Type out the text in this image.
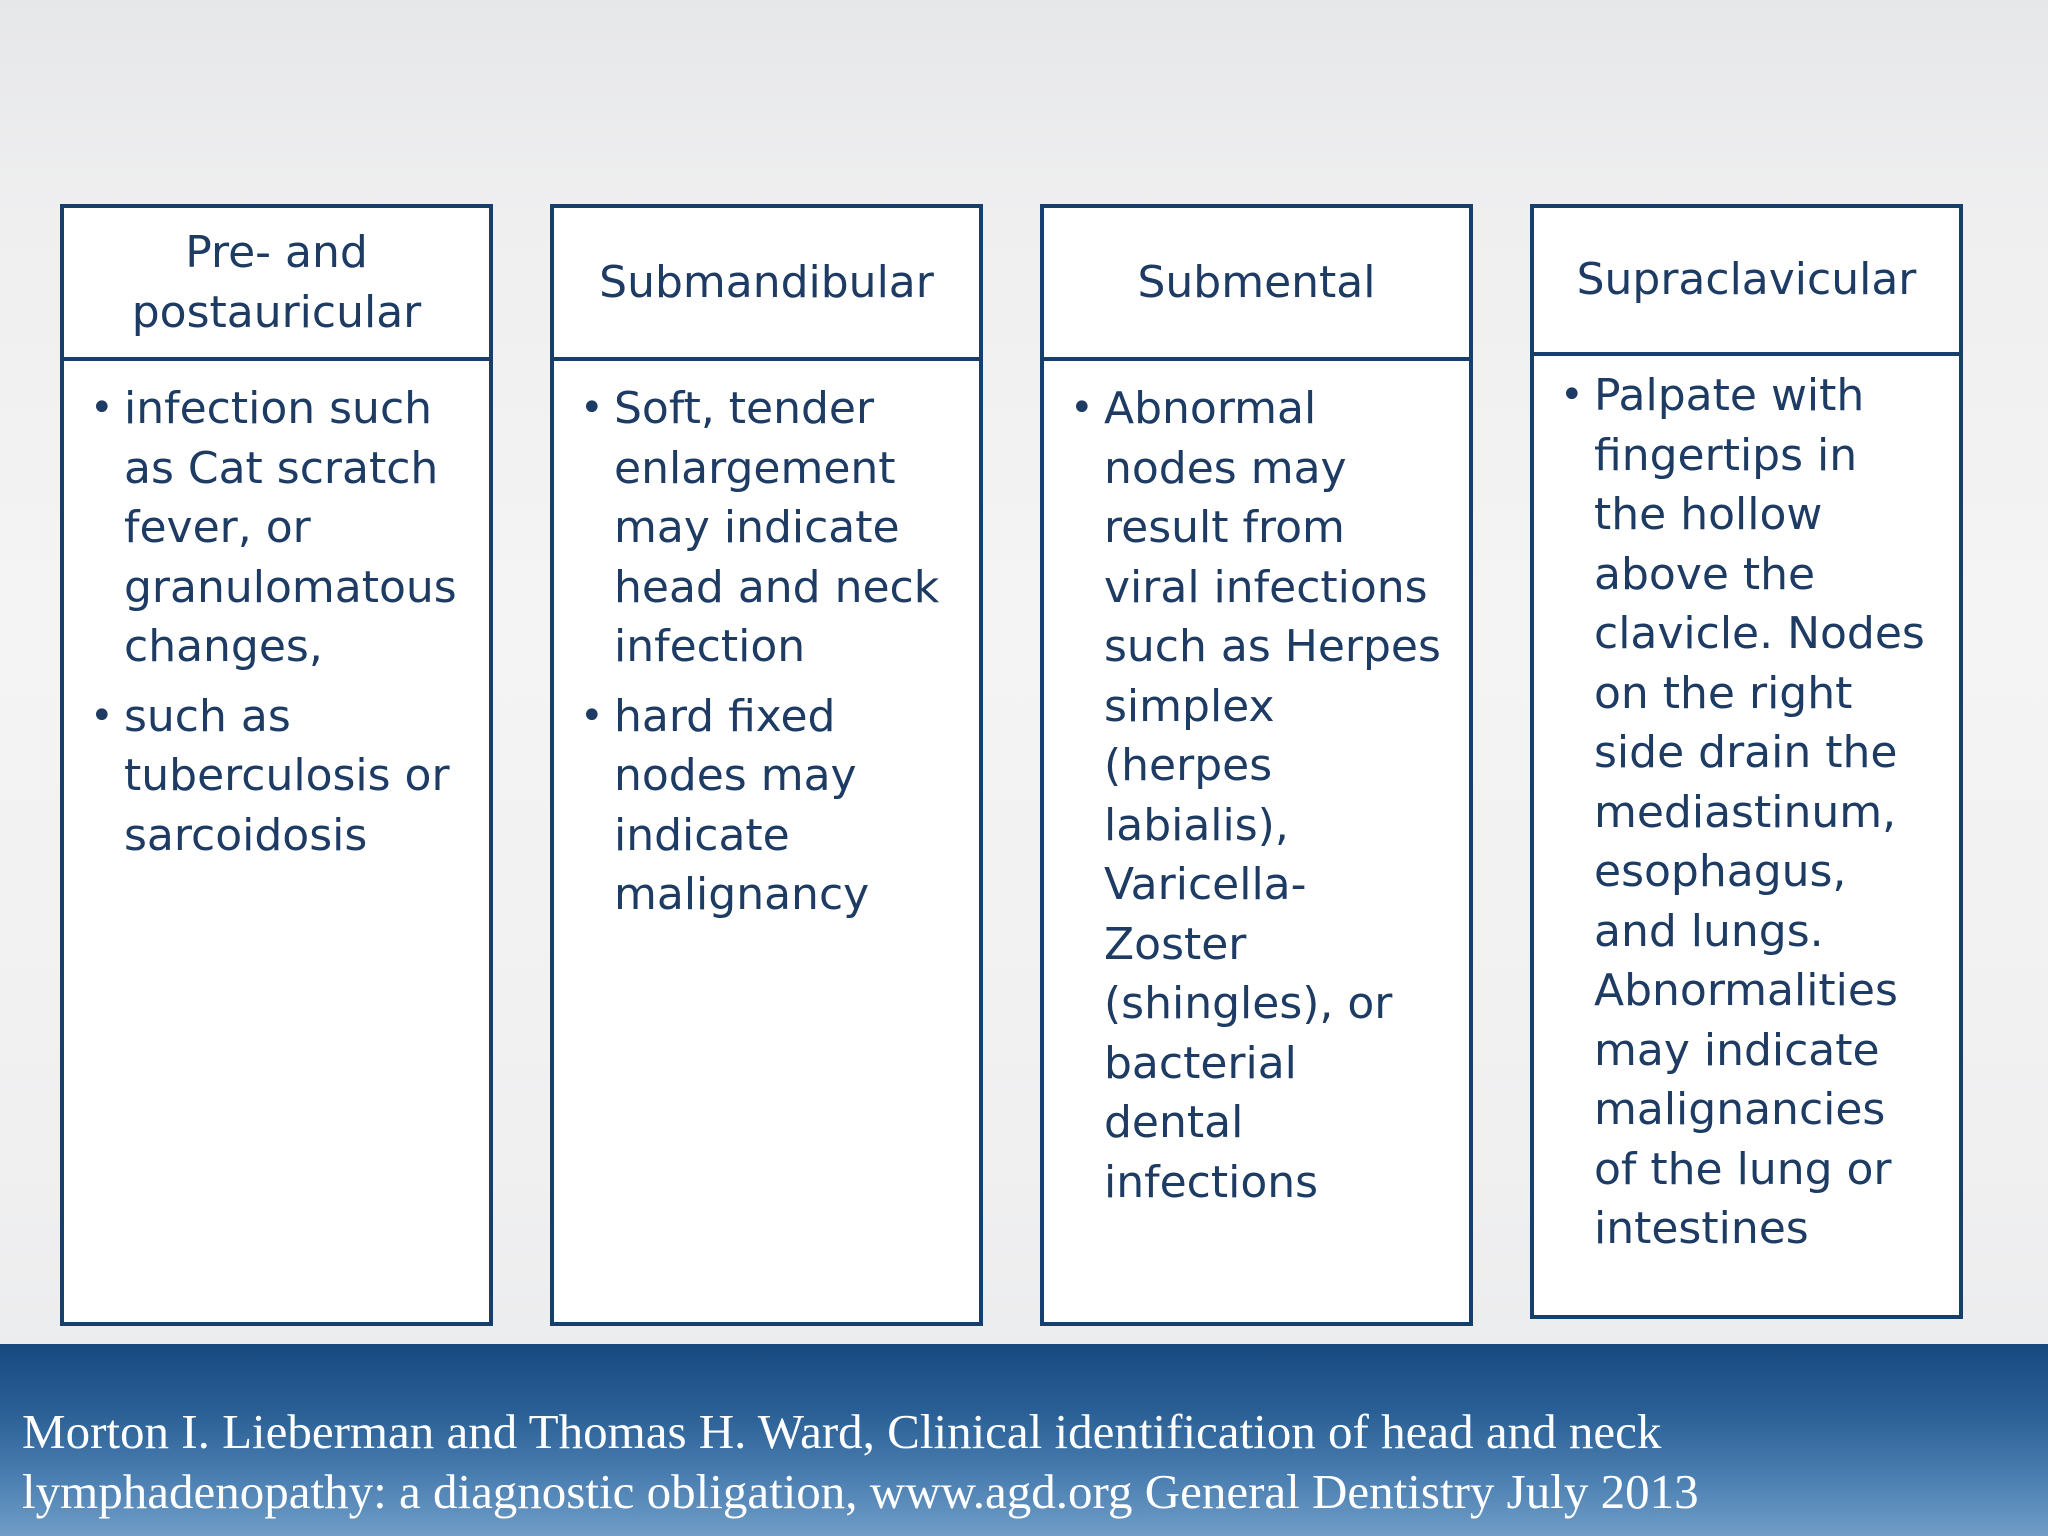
Pre- and
postauricular
• infection such
as Cat scratch
fever, or
granulomatous
changes,
• such as
tuberculosis or
sarcoidosis
Submandibular
• Soft, tender
enlargement
may indicate
head and neck
infection
• hard fixed
nodes may
indicate
malignancy
Submental
• Abnormal
nodes may
result from
viral infections
such as Herpes
simplex
(herpes
labialis),
Varicella-
Zoster
(shingles), or
bacterial
dental
infections
Supraclavicular
• Palpate with
fingertips in
the hollow
above the
clavicle. Nodes
on the right
side drain the
mediastinum,
esophagus,
and lungs.
Abnormalities
may indicate
malignancies
of the lung or
intestines
Morton I. Lieberman and Thomas H. Ward, Clinical identification of head and neck
lymphadenopathy: a diagnostic obligation, www.agd.org General Dentistry July 2013
